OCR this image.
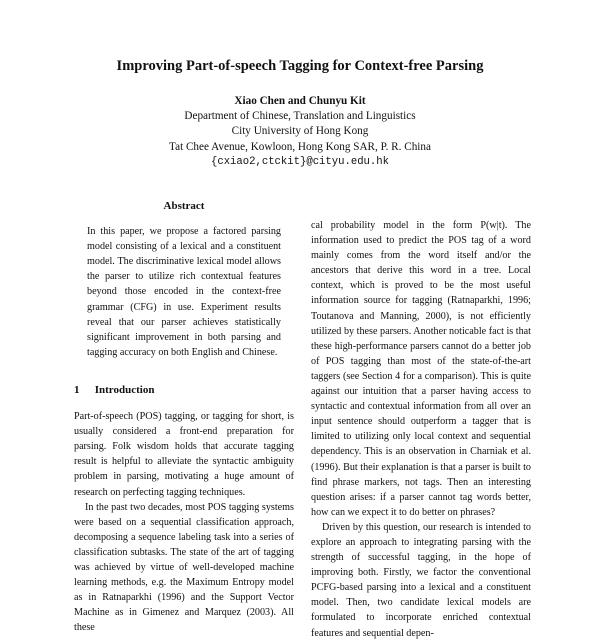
Improving Part-of-speech Tagging for Context-free Parsing
Xiao Chen and Chunyu Kit
Department of Chinese, Translation and Linguistics
City University of Hong Kong
Tat Chee Avenue, Kowloon, Hong Kong SAR, P. R. China
{cxiao2,ctckit}@cityu.edu.hk
Abstract

In this paper, we propose a factored parsing model consisting of a lexical and a constituent model. The discriminative lexical model allows the parser to utilize rich contextual features beyond those encoded in the context-free grammar (CFG) in use. Experiment results reveal that our parser achieves statistically significant improvement in both parsing and tagging accuracy on both English and Chinese.

1 Introduction

Part-of-speech (POS) tagging, or tagging for short, is usually considered a front-end preparation for parsing. Folk wisdom holds that accurate tagging result is helpful to alleviate the syntactic ambiguity problem in parsing, motivating a huge amount of research on perfecting tagging techniques.

In the past two decades, most POS tagging systems were based on a sequential classification approach, decomposing a sequence labeling task into a series of classification subtasks. The state of the art of tagging was achieved by virtue of well-developed machine learning methods, e.g. the Maximum Entropy model as in Ratnaparkhi (1996) and the Support Vector Machine as in Gimenez and Marquez (2003). All these

cal probability model in the form P(w|t). The information used to predict the POS tag of a word mainly comes from the word itself and/or the ancestors that derive this word in a tree. Local context, which is proved to be the most useful information source for tagging (Ratnaparkhi, 1996; Toutanova and Manning, 2000), is not efficiently utilized by these parsers. Another noticable fact is that these high-performance parsers cannot do a better job of POS tagging than most of the state-of-the-art taggers (see Section 4 for a comparison). This is quite against our intuition that a parser having access to syntactic and contextual information from all over an input sentence should outperform a tagger that is limited to utilizing only local context and sequential dependency. This is an observation in Charniak et al. (1996). But their explanation is that a parser is built to find phrase markers, not tags. Then an interesting question arises: if a parser cannot tag words better, how can we expect it to do better on phrases?

Driven by this question, our research is intended to explore an approach to integrating parsing with the strength of successful tagging, in the hope of improving both. Firstly, we factor the conventional PCFG-based parsing into a lexical and a constituent model. Then, two candidate lexical models are formulated to incorporate enriched contextual features and sequential depen-
